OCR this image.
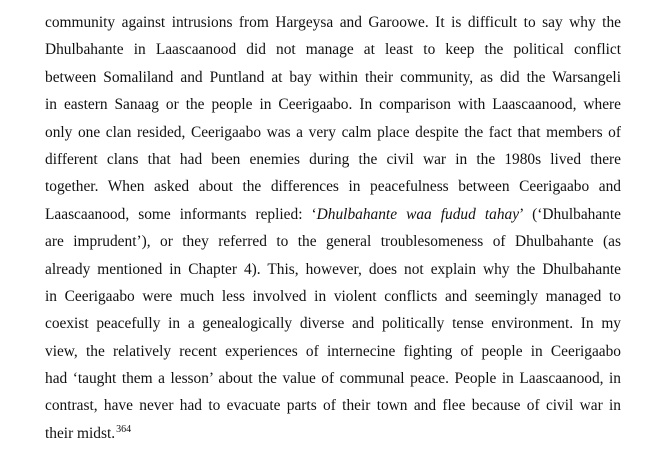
community against intrusions from Hargeysa and Garoowe. It is difficult to say why the
Dhulbahante in Laascaanood did not manage at least to keep the political conflict
between Somaliland and Puntland at bay within their community, as did the Warsangeli
in eastern Sanaag or the people in Ceerigaabo. In comparison with Laascaanood, where
only one clan resided, Ceerigaabo was a very calm place despite the fact that members of
different clans that had been enemies during the civil war in the 1980s lived there
together. When asked about the differences in peacefulness between Ceerigaabo and
Laascaanood, some informants replied: ‘Dhulbahante waa fudud tahay’ (‘Dhulbahante
are imprudent’), or they referred to the general troublesomeness of Dhulbahante (as
already mentioned in Chapter 4). This, however, does not explain why the Dhulbahante
in Ceerigaabo were much less involved in violent conflicts and seemingly managed to
coexist peacefully in a genealogically diverse and politically tense environment. In my
view, the relatively recent experiences of internecine fighting of people in Ceerigaabo
had ‘taught them a lesson’ about the value of communal peace. People in Laascaanood, in
contrast, have never had to evacuate parts of their town and flee because of civil war in
their midst.$^{364}$
